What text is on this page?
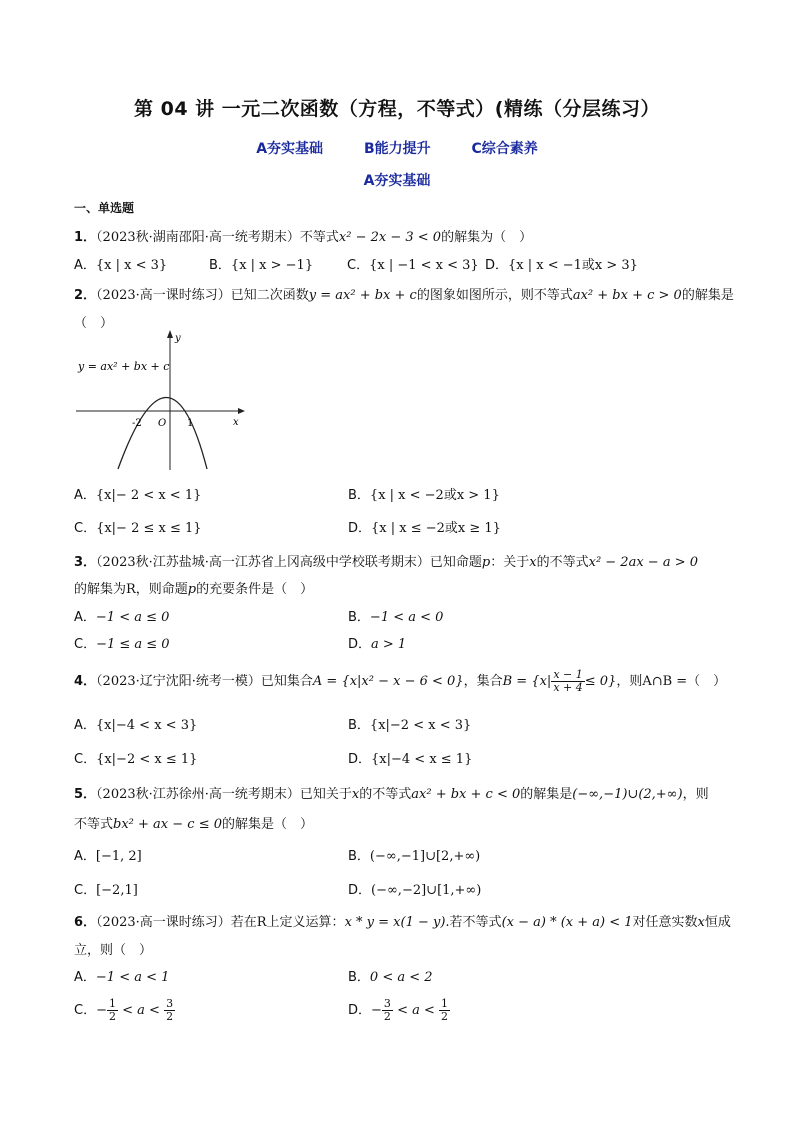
第 04 讲 一元二次函数（方程，不等式）(精练（分层练习）
A夯实基础	B能力提升	C综合素养
A夯实基础
一、单选题
1．（2023秋·湖南邵阳·高一统考期末）不等式x² − 2x − 3 < 0的解集为（　）
A．{x | x < 3}	B．{x | x > −1}	C．{x | −1 < x < 3} D．{x | x < −1或x > 3}
2．（2023·高一课时练习）已知二次函数y = ax² + bx + c的图象如图所示，则不等式ax² + bx + c > 0的解集是
（　）
y = ax² + bx + c
y
x
-2 O 1
A．{x|− 2 < x < 1}	B．{x | x < −2或x > 1}
C．{x|− 2 ≤ x ≤ 1}	D．{x | x ≤ −2或x ≥ 1}
3．（2023秋·江苏盐城·高一江苏省上冈高级中学校联考期末）已知命题p：关于x的不等式x² − 2ax − a > 0
的解集为R，则命题p的充要条件是（　）
A．−1 < a ≤ 0	B．−1 < a < 0
C．−1 ≤ a ≤ 0	D．a > 1
4．（2023·辽宁沈阳·统考一模）已知集合A = {x|x² − x − 6 < 0}，集合$B = \{x| \frac{x - 1}{x + 4} \le 0\}$，则A∩B =（　）
A．{x|−4 < x < 3}	B．{x|−2 < x < 3}
C．{x|−2 < x ≤ 1}	D．{x|−4 < x ≤ 1}
5．（2023秋·江苏徐州·高一统考期末）已知关于x的不等式ax² + bx + c < 0的解集是(−∞,−1)∪(2,+∞)，则
不等式bx² + ax − c ≤ 0的解集是（　）
A．[−1, 2]	B．(−∞,−1]∪[2,+∞)
C．[−2,1]	D．(−∞,−2]∪[1,+∞)
6．（2023·高一课时练习）若在R上定义运算：x * y = x(1 − y).若不等式(x − a) * (x + a) < 1对任意实数x恒成
立，则（　）
A．−1 < a < 1	B．0 < a < 2
C．− $\frac{1}{2} < a < \frac{3}{2}$	D．− $\frac{3}{2} < a < \frac{1}{2}$
